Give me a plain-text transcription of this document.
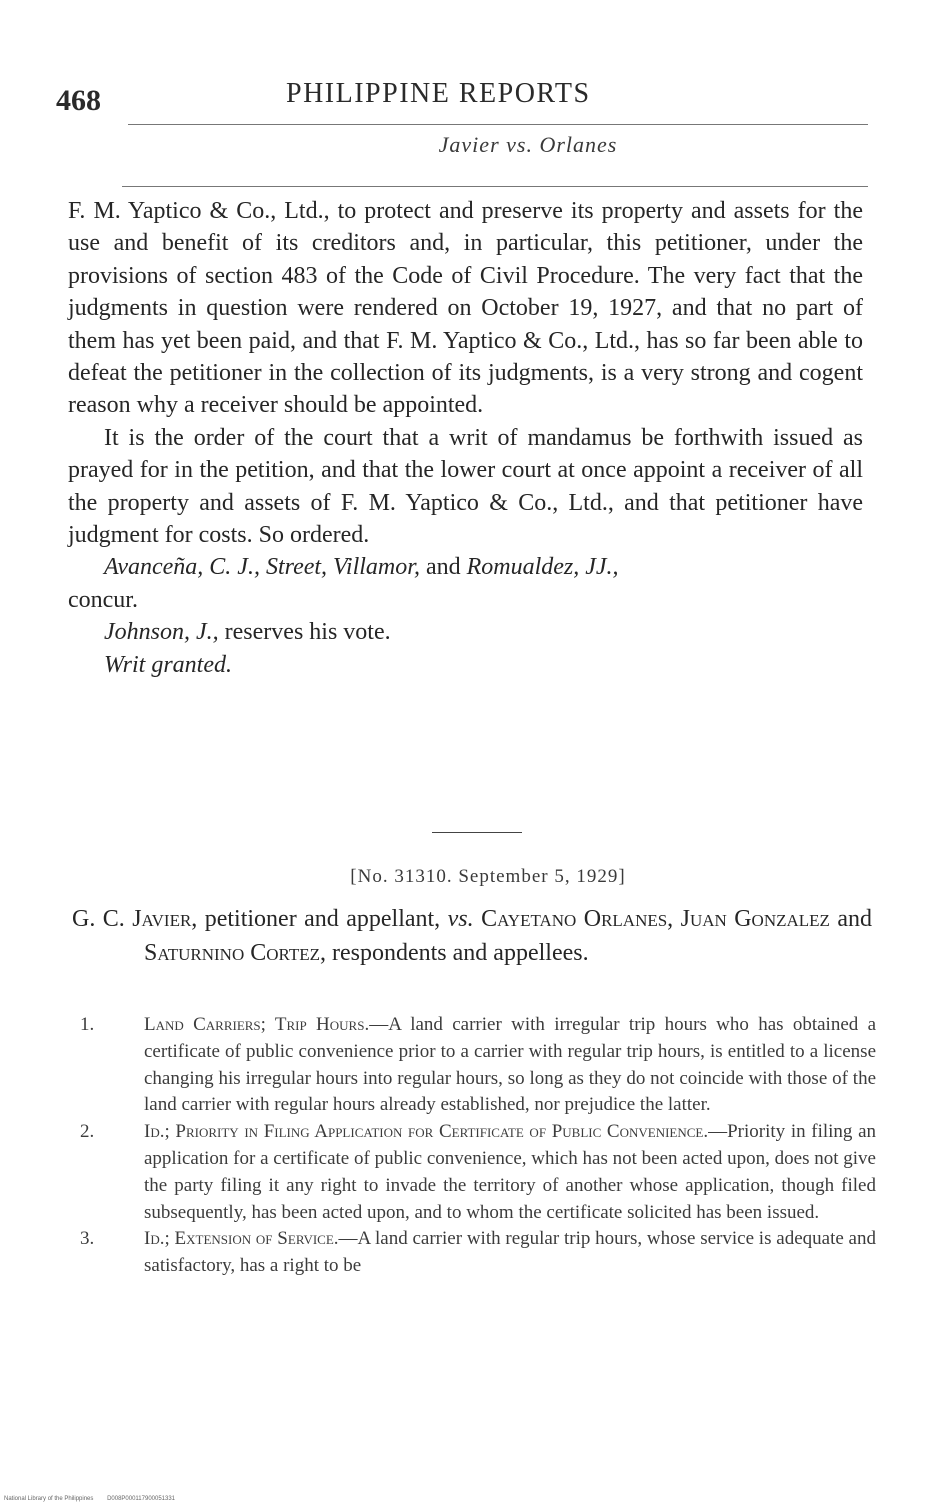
468	PHILIPPINE REPORTS
Javier vs. Orlanes

F. M. Yaptico & Co., Ltd., to protect and preserve its property and assets for the use and benefit of its creditors and, in particular, this petitioner, under the provisions of section 483 of the Code of Civil Procedure. The very fact that the judgments in question were rendered on October 19, 1927, and that no part of them has yet been paid, and that F. M. Yaptico & Co., Ltd., has so far been able to defeat the petitioner in the collection of its judgments, is a very strong and cogent reason why a receiver should be appointed.

It is the order of the court that a writ of mandamus be forthwith issued as prayed for in the petition, and that the lower court at once appoint a receiver of all the property and assets of F. M. Yaptico & Co., Ltd., and that petitioner have judgment for costs. So ordered.

Avanceña, C. J., Street, Villamor, and Romualdez, JJ.,

concur.

Johnson, J., reserves his vote.

Writ granted.

[No. 31310. September 5, 1929]

G. C. Javier, petitioner and appellant, vs. Cayetano Orlanes, Juan Gonzalez and Saturnino Cortez, respondents and appellees.

1.	Land Carriers; Trip Hours.—A land carrier with irregular trip hours who has obtained a certificate of public convenience prior to a carrier with regular trip hours, is entitled to a license changing his irregular hours into regular hours, so long as they do not coincide with those of the land carrier with regular hours already established, nor prejudice the latter.

2.	Id.; Priority in Filing Application for Certificate of Public Convenience.—Priority in filing an application for a certificate of public convenience, which has not been acted upon, does not give the party filing it any right to invade the territory of another whose application, though filed subsequently, has been acted upon, and to whom the certificate solicited has been issued.

3.	Id.; Extension of Service.—A land carrier with regular trip hours, whose service is adequate and satisfactory, has a right to be

National Library of the Philippines D008P000117900051331
